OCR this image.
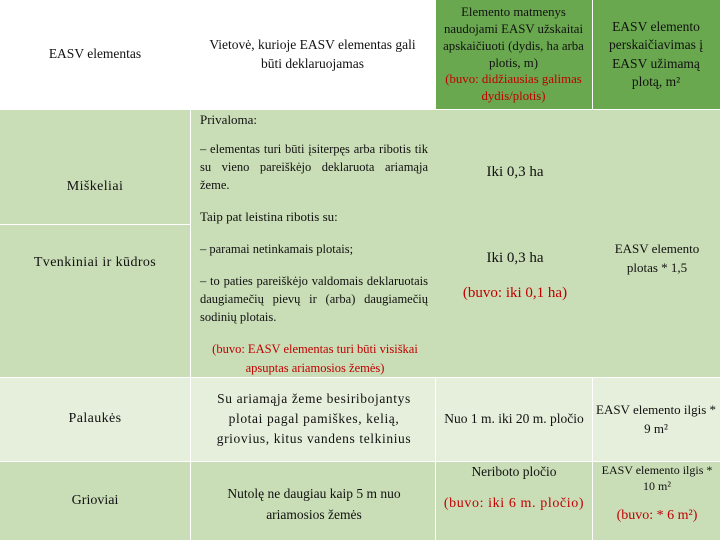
EASV elementas
Vietovė, kurioje EASV elementas gali būti deklaruojamas
Elemento matmenys naudojami EASV užskaitai apskaičiuoti (dydis, ha arba plotis, m)
(buvo: didžiausias galimas dydis/plotis)
EASV elemento perskaičiavimas į EASV užimamą plotą, m²
Miškeliai
Privaloma:
– elementas turi būti įsiterpęs arba ribotis tik su vieno pareiškėjo deklaruota ariamąja žeme.
Iki 0,3 ha
Taip pat leistina ribotis su:
Tvenkiniai ir kūdros
– paramai netinkamais plotais;
– to paties pareiškėjo valdomais deklaruotais daugiamečių pievų ir (arba) daugiamečių sodinių plotais.
(buvo: EASV elementas turi būti visiškai apsuptas ariamosios žemės)
Iki 0,3 ha
(buvo: iki 0,1 ha)
EASV elemento plotas * 1,5
Palaukės
Su ariamąja žeme besiribojantys plotai pagal pamiškes, kelią, griovius, kitus vandens telkinius
Nuo 1 m. iki 20 m. pločio
EASV elemento ilgis * 9 m²
Grioviai	Nutolę ne daugiau kaip 5 m nuo ariamosios žemės
Neriboto pločio
(buvo: iki 6 m. pločio)
EASV elemento ilgis * 10 m²
(buvo: * 6 m²)
